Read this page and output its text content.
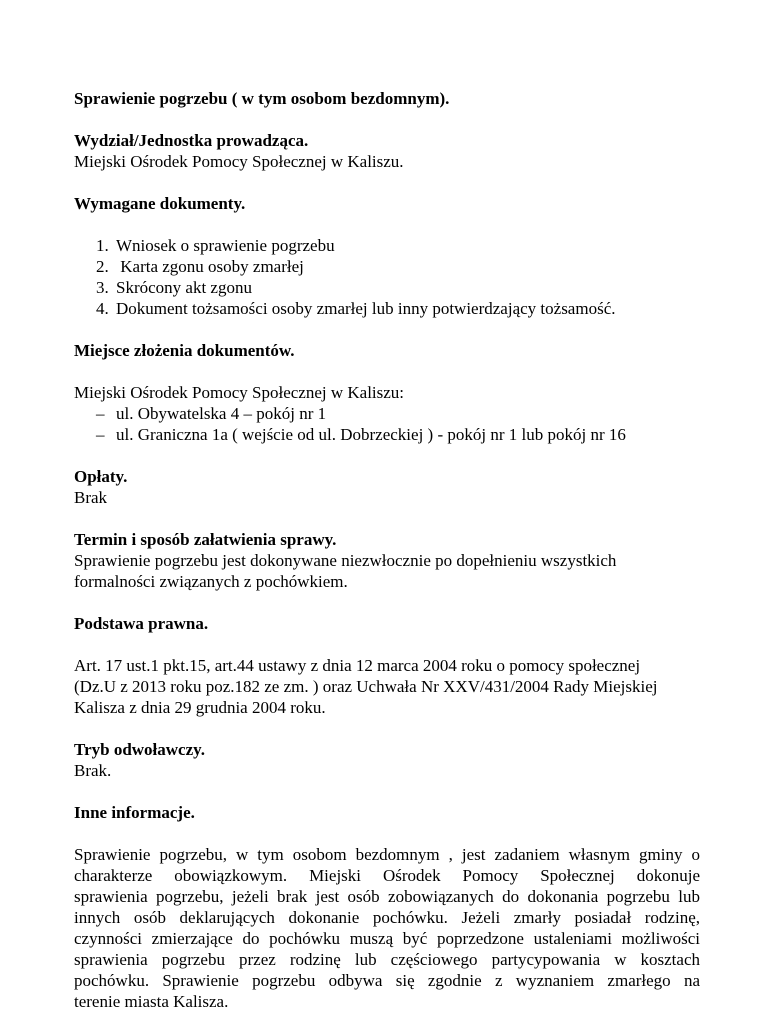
Sprawienie pogrzebu ( w tym osobom bezdomnym).
Wydział/Jednostka prowadząca.
Miejski Ośrodek Pomocy Społecznej w Kaliszu.
Wymagane dokumenty.
1. Wniosek o sprawienie pogrzebu
2. Karta zgonu osoby zmarłej
3. Skrócony akt zgonu
4. Dokument tożsamości osoby zmarłej lub inny potwierdzający tożsamość.
Miejsce złożenia dokumentów.
Miejski Ośrodek Pomocy Społecznej w Kaliszu:
– ul. Obywatelska 4 – pokój nr 1
– ul. Graniczna 1a ( wejście od ul. Dobrzeckiej ) - pokój nr 1 lub pokój nr 16
Opłaty.
Brak
Termin i sposób załatwienia sprawy.
Sprawienie pogrzebu jest dokonywane niezwłocznie po dopełnieniu wszystkich
formalności związanych z pochówkiem.
Podstawa prawna.
Art. 17 ust.1 pkt.15, art.44 ustawy z dnia 12 marca 2004 roku o pomocy społecznej
(Dz.U z 2013 roku poz.182 ze zm. ) oraz Uchwała Nr XXV/431/2004 Rady Miejskiej
Kalisza z dnia 29 grudnia 2004 roku.
Tryb odwoławczy.
Brak.
Inne informacje.
Sprawienie pogrzebu, w tym osobom bezdomnym , jest zadaniem własnym gminy o
charakterze obowiązkowym. Miejski Ośrodek Pomocy Społecznej dokonuje
sprawienia pogrzebu, jeżeli brak jest osób zobowiązanych do dokonania pogrzebu lub
innych osób deklarujących dokonanie pochówku. Jeżeli zmarły posiadał rodzinę,
czynności zmierzające do pochówku muszą być poprzedzone ustaleniami możliwości
sprawienia pogrzebu przez rodzinę lub częściowego partycypowania w kosztach
pochówku. Sprawienie pogrzebu odbywa się zgodnie z wyznaniem zmarłego na
terenie miasta Kalisza.
